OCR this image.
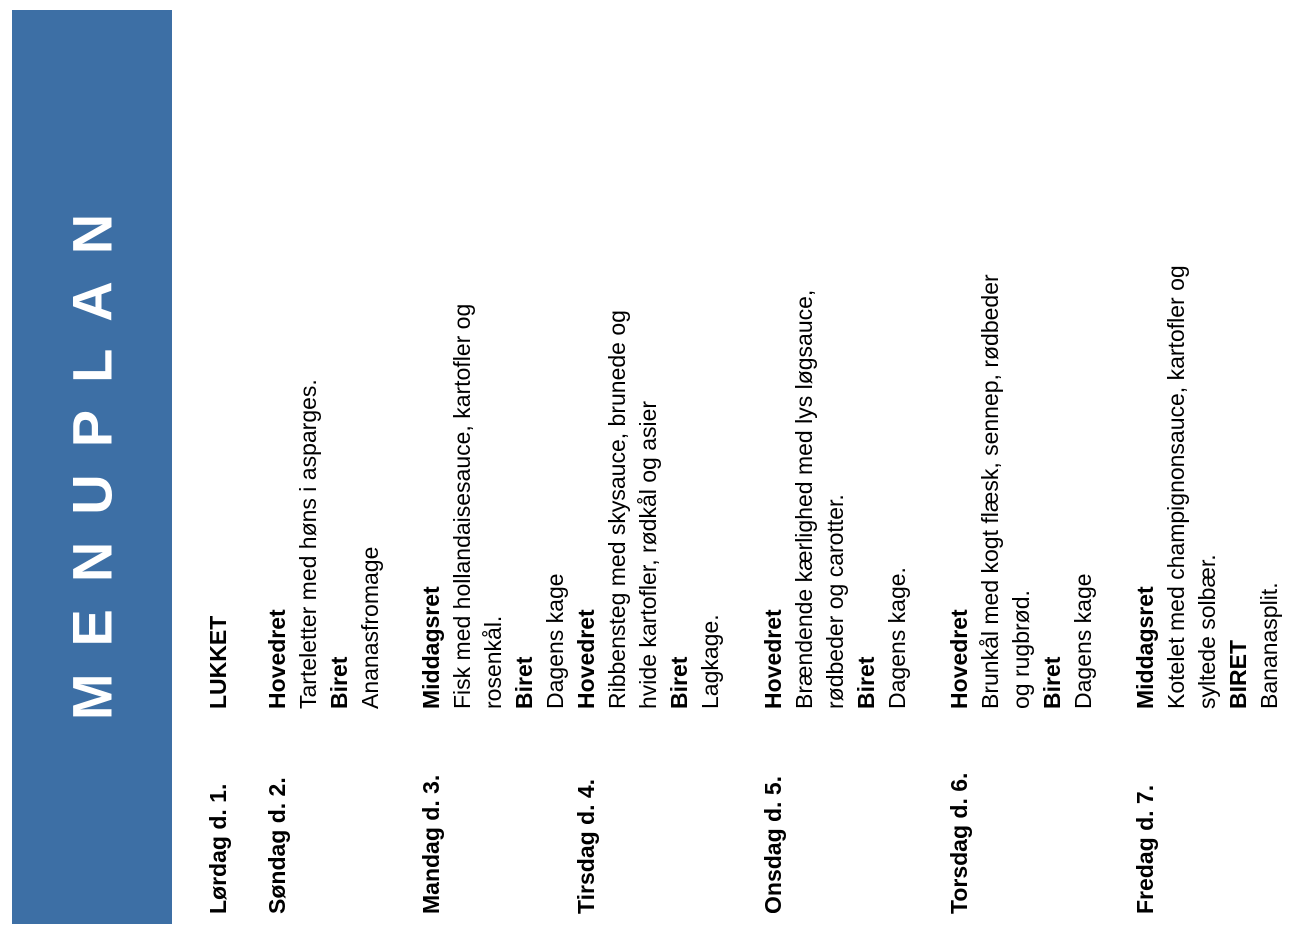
MENUPLAN
Lørdag d. 1.
LUKKET
Søndag d. 2.
Hovedret Tarteletter med høns i asparges. Biret Ananasfromage
Mandag d. 3.
Middagsret Fisk med hollandaisesauce, kartofler og rosenkål. Biret Dagens kage
Tirsdag d. 4.
Hovedret Ribbensteg med skysauce, brunede og hvide kartofler, rødkål og asier Biret Lagkage.
Onsdag d. 5.
Hovedret Brændende kærlighed med lys løgsauce, rødbeder og carotter. Biret Dagens kage.
Torsdag d. 6.
Hovedret Brunkål med kogt flæsk, sennep, rødbeder og rugbrød. Biret Dagens kage
Fredag d. 7.
Middagsret Kotelet med champignonsauce, kartofler og syltede solbær. BIRET Bananasplit.
